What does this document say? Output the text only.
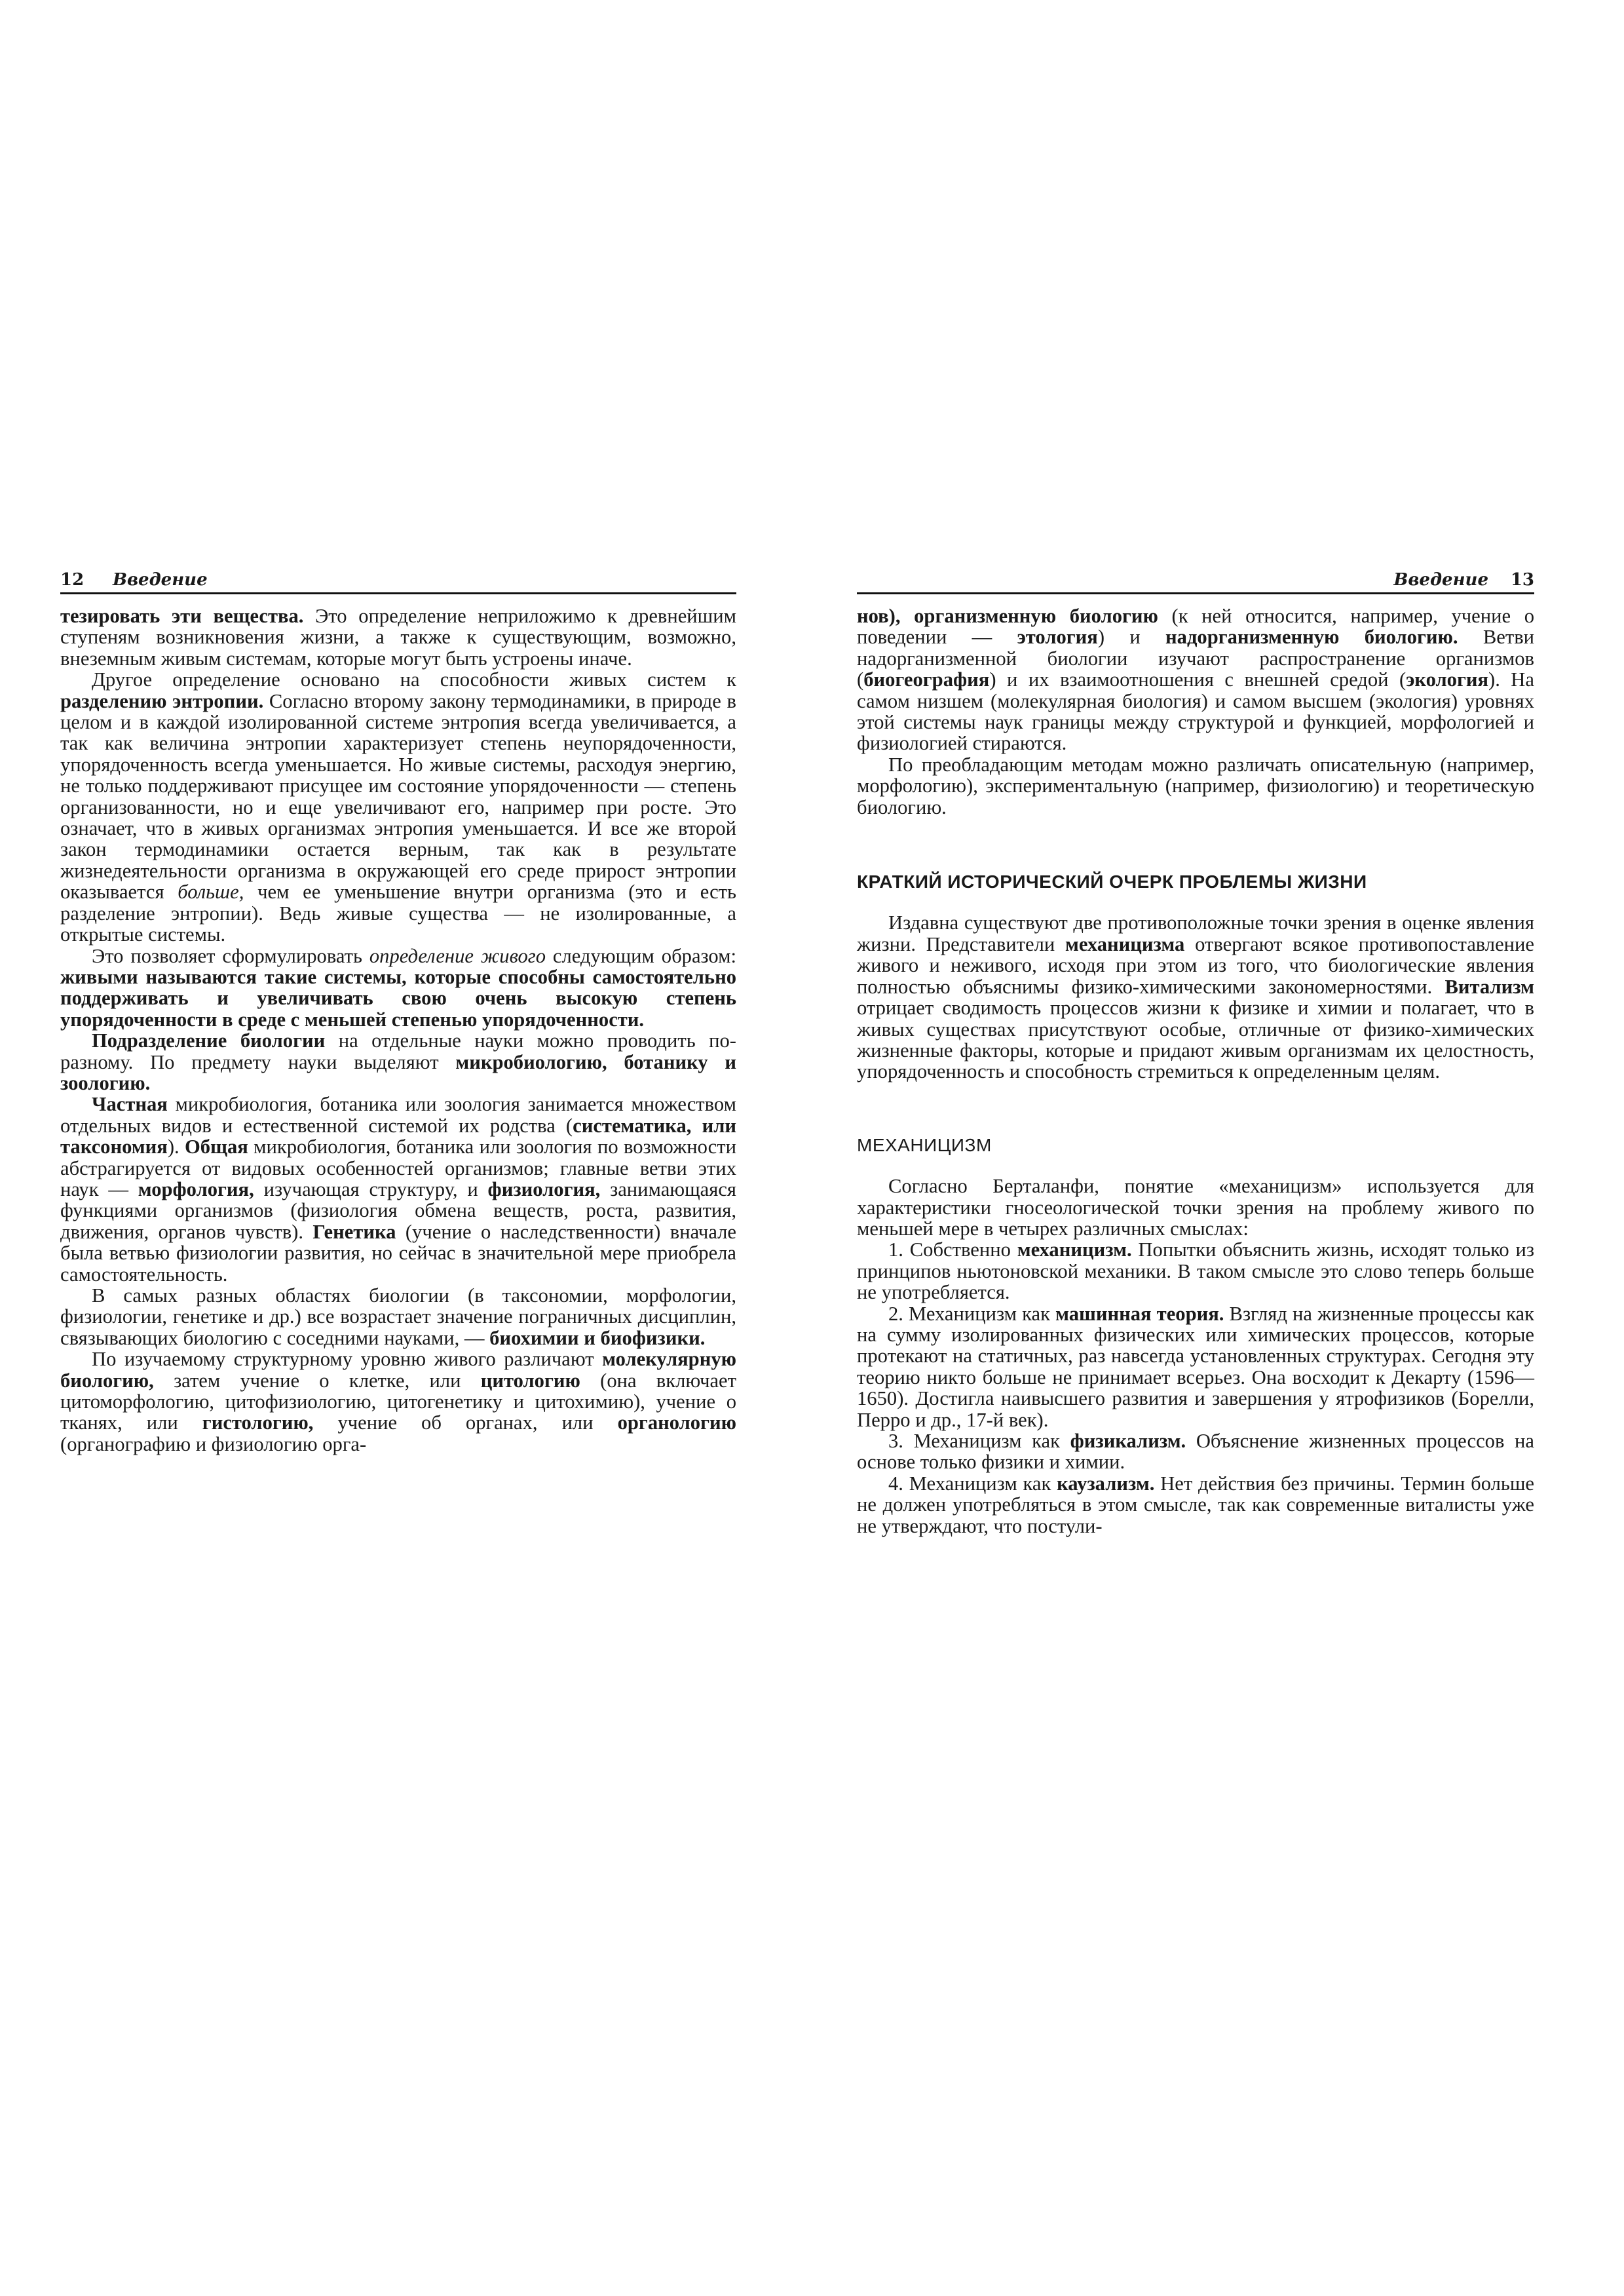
12 Введение

тезировать эти вещества. Это определение неприложимо к древнейшим ступеням возникновения жизни, а также к существующим, возможно, внеземным живым системам, которые могут быть устроены иначе.

Другое определение основано на способности живых систем к разделению энтропии. Согласно второму закону термодинамики, в природе в целом и в каждой изолированной системе энтропия всегда увеличивается, а так как величина энтропии характеризует степень неупорядоченности, упорядоченность всегда уменьшается. Но живые системы, расходуя энергию, не только поддерживают присущее им состояние упорядоченности — степень организованности, но и еще увеличивают его, например при росте. Это означает, что в живых организмах энтропия уменьшается. И все же второй закон термодинамики остается верным, так как в результате жизнедеятельности организма в окружающей его среде прирост энтропии оказывается больше, чем ее уменьшение внутри организма (это и есть разделение энтропии). Ведь живые существа — не изолированные, а открытые системы.

Это позволяет сформулировать определение живого следующим образом: живыми называются такие системы, которые способны самостоятельно поддерживать и увеличивать свою очень высокую степень упорядоченности в среде с меньшей степенью упорядоченности.

Подразделение биологии на отдельные науки можно проводить по-разному. По предмету науки выделяют микробиологию, ботанику и зоологию.

Частная микробиология, ботаника или зоология занимается множеством отдельных видов и естественной системой их родства (систематика, или таксономия). Общая микробиология, ботаника или зоология по возможности абстрагируется от видовых особенностей организмов; главные ветви этих наук — морфология, изучающая структуру, и физиология, занимающаяся функциями организмов (физиология обмена веществ, роста, развития, движения, органов чувств). Генетика (учение о наследственности) вначале была ветвью физиологии развития, но сейчас в значительной мере приобрела самостоятельность.

В самых разных областях биологии (в таксономии, морфологии, физиологии, генетике и др.) все возрастает значение пограничных дисциплин, связывающих биологию с соседними науками, — биохимии и биофизики.

По изучаемому структурному уровню живого различают молекулярную биологию, затем учение о клетке, или цитологию (она включает цитоморфологию, цитофизиологию, цитогенетику и цитохимию), учение о тканях, или гистологию, учение об органах, или органологию (органографию и физиологию орга-

Введение 13

нов), организменную биологию (к ней относится, например, учение о поведении — этология) и надорганизменную биологию. Ветви надорганизменной биологии изучают распространение организмов (биогеография) и их взаимоотношения с внешней средой (экология). На самом низшем (молекулярная биология) и самом высшем (экология) уровнях этой системы наук границы между структурой и функцией, морфологией и физиологией стираются.

По преобладающим методам можно различать описательную (например, морфологию), экспериментальную (например, физиологию) и теоретическую биологию.

КРАТКИЙ ИСТОРИЧЕСКИЙ ОЧЕРК ПРОБЛЕМЫ ЖИЗНИ

Издавна существуют две противоположные точки зрения в оценке явления жизни. Представители механицизма отвергают всякое противопоставление живого и неживого, исходя при этом из того, что биологические явления полностью объяснимы физико-химическими закономерностями. Витализм отрицает сводимость процессов жизни к физике и химии и полагает, что в живых существах присутствуют особые, отличные от физико-химических жизненные факторы, которые и придают живым организмам их целостность, упорядоченность и способность стремиться к определенным целям.

МЕХАНИЦИЗМ

Согласно Берталанфи, понятие «механицизм» используется для характеристики гносеологической точки зрения на проблему живого по меньшей мере в четырех различных смыслах:

1. Собственно механицизм. Попытки объяснить жизнь, исходят только из принципов ньютоновской механики. В таком смысле это слово теперь больше не употребляется.

2. Механицизм как машинная теория. Взгляд на жизненные процессы как на сумму изолированных физических или химических процессов, которые протекают на статичных, раз навсегда установленных структурах. Сегодня эту теорию никто больше не принимает всерьез. Она восходит к Декарту (1596—1650). Достигла наивысшего развития и завершения у ятрофизиков (Борелли, Перро и др., 17-й век).

3. Механицизм как физикализм. Объяснение жизненных процессов на основе только физики и химии.

4. Механицизм как каузализм. Нет действия без причины. Термин больше не должен употребляться в этом смысле, так как современные виталисты уже не утверждают, что постули-
